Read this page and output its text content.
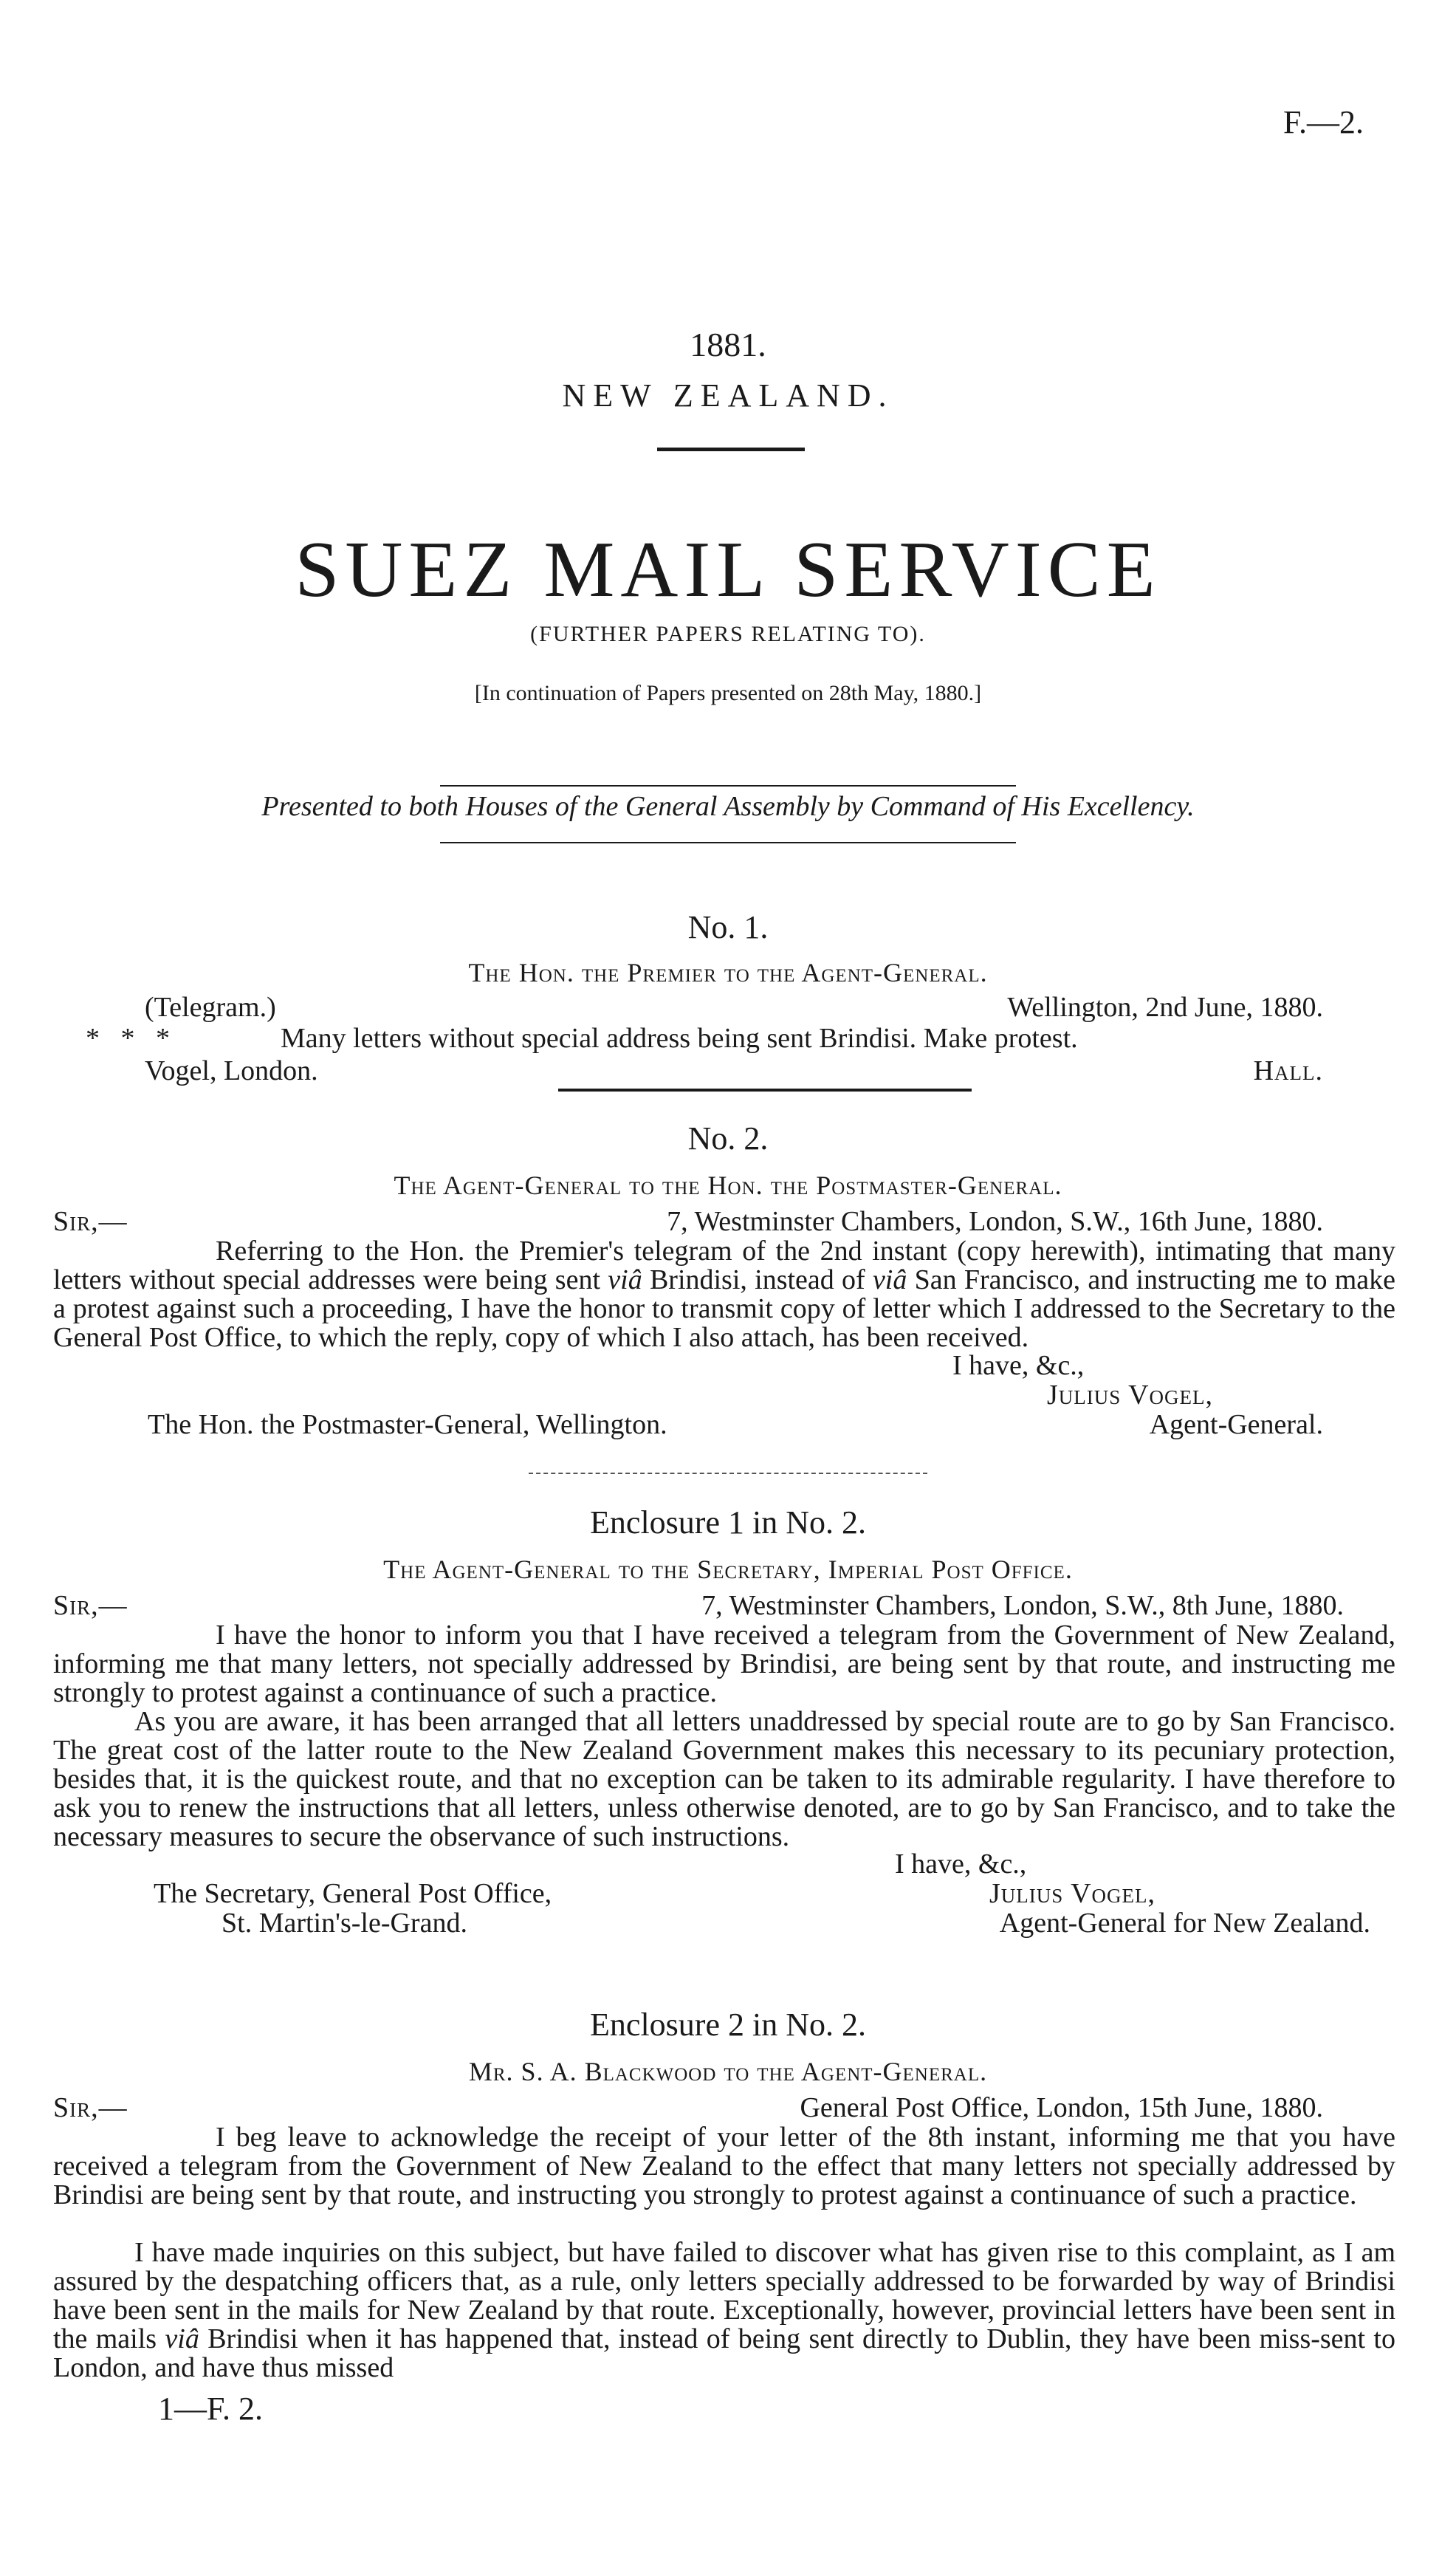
F.—2.
1881.
NEW ZEALAND.
SUEZ MAIL SERVICE
(FURTHER PAPERS RELATING TO).
[In continuation of Papers presented on 28th May, 1880.]
Presented to both Houses of the General Assembly by Command of His Excellency.
No. 1.
The Hon. the Premier to the Agent-General.
(Telegram.)	Wellington, 2nd June, 1880.
*   *   *	Many letters without special address being sent Brindisi. Make protest.
Vogel, London.	Hall.
No. 2.
The Agent-General to the Hon. the Postmaster-General.
Sir,—	7, Westminster Chambers, London, S.W., 16th June, 1880.
Referring to the Hon. the Premier's telegram of the 2nd instant (copy herewith), intimating that many letters without special addresses were being sent viâ Brindisi, instead of viâ San Francisco, and instructing me to make a protest against such a proceeding, I have the honor to transmit copy of letter which I addressed to the Secretary to the General Post Office, to which the reply, copy of which I also attach, has been received.
I have, &c.,
Julius Vogel,
The Hon. the Postmaster-General, Wellington.	Agent-General.
Enclosure 1 in No. 2.
The Agent-General to the Secretary, Imperial Post Office.
Sir,—	7, Westminster Chambers, London, S.W., 8th June, 1880.
I have the honor to inform you that I have received a telegram from the Government of New Zealand, informing me that many letters, not specially addressed by Brindisi, are being sent by that route, and instructing me strongly to protest against a continuance of such a practice.
As you are aware, it has been arranged that all letters unaddressed by special route are to go by San Francisco. The great cost of the latter route to the New Zealand Government makes this necessary to its pecuniary protection, besides that, it is the quickest route, and that no exception can be taken to its admirable regularity. I have therefore to ask you to renew the instructions that all letters, unless otherwise denoted, are to go by San Francisco, and to take the necessary measures to secure the observance of such instructions.
I have, &c.,
The Secretary, General Post Office,	Julius Vogel,
St. Martin's-le-Grand.	Agent-General for New Zealand.
Enclosure 2 in No. 2.
Mr. S. A. Blackwood to the Agent-General.
Sir,—	General Post Office, London, 15th June, 1880.
I beg leave to acknowledge the receipt of your letter of the 8th instant, informing me that you have received a telegram from the Government of New Zealand to the effect that many letters not specially addressed by Brindisi are being sent by that route, and instructing you strongly to protest against a continuance of such a practice.
I have made inquiries on this subject, but have failed to discover what has given rise to this complaint, as I am assured by the despatching officers that, as a rule, only letters specially addressed to be forwarded by way of Brindisi have been sent in the mails for New Zealand by that route. Exceptionally, however, provincial letters have been sent in the mails viâ Brindisi when it has happened that, instead of being sent directly to Dublin, they have been miss-sent to London, and have thus missed
1—F. 2.
